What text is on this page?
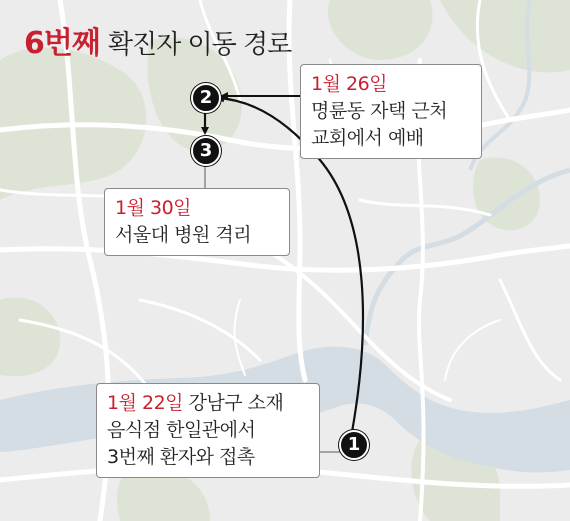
6번째 확진자 이동 경로
1월 26일
명륜동 자택 근처
교회에서 예배
1월 30일
서울대 병원 격리
1월 22일 강남구 소재
음식점 한일관에서
3번째 환자와 접촉
1
2
3
